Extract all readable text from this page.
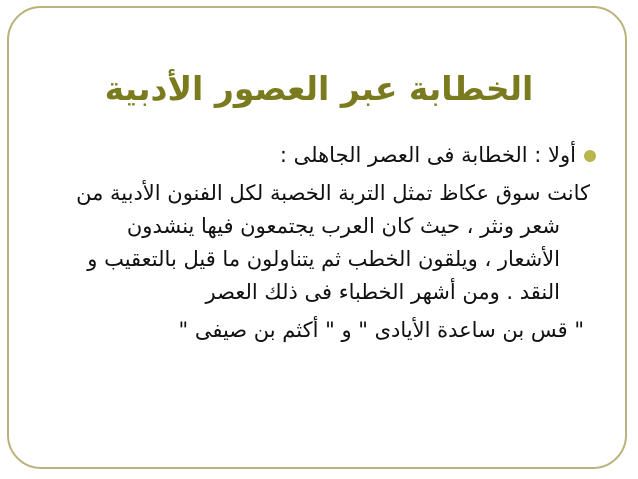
الخطابة عبر العصور الأدبية
أولا : الخطابة فى العصر الجاهلى :
كانت سوق عكاظ تمثل التربة الخصبة لكل الفنون الأدبية من
شعر ونثر ، حيث كان العرب يجتمعون فيها ينشدون
الأشعار ، ويلقون الخطب ثم يتناولون ما قيل بالتعقيب و
النقد . ومن أشهر الخطباء فى ذلك العصر
" قس بن ساعدة الأيادى " و " أكثم بن صيفى "
